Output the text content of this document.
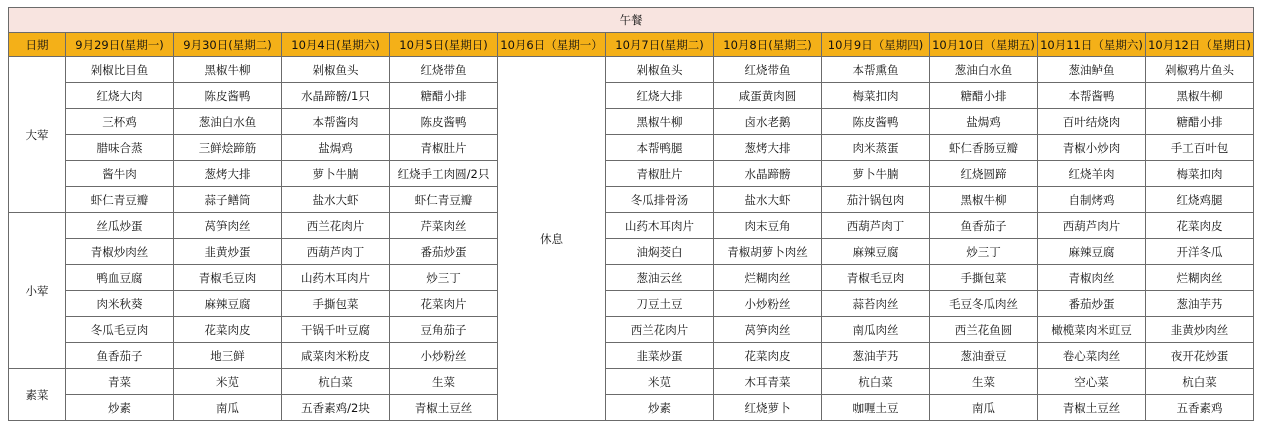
午餐											
日期	9月29日(星期一)	9月30日(星期二)	10月4日(星期六)	10月5日(星期日)	10月6日（星期一）	10月7日(星期二)	10月8日(星期三)	10月9日（星期四)	10月10日（星期五)	10月11日（星期六)	10月12日（星期日)
大荤	剁椒比目鱼	黑椒牛柳	剁椒鱼头	红烧带鱼	休息	剁椒鱼头	红烧带鱼	本帮熏鱼	葱油白水鱼	葱油鲈鱼	剁椒鸦片鱼头
	红烧大肉	陈皮酱鸭	水晶蹄髈/1只	糖醋小排		红烧大排	咸蛋黄肉圆	梅菜扣肉	糖醋小排	本帮酱鸭	黑椒牛柳
	三杯鸡	葱油白水鱼	本帮酱肉	陈皮酱鸭		黑椒牛柳	卤水老鹅	陈皮酱鸭	盐焗鸡	百叶结烧肉	糖醋小排
	腊味合蒸	三鲜烩蹄筋	盐焗鸡	青椒肚片		本帮鸭腿	葱烤大排	肉米蒸蛋	虾仁香肠豆瓣	青椒小炒肉	手工百叶包
	酱牛肉	葱烤大排	萝卜牛腩	红烧手工肉圆/2只		青椒肚片	水晶蹄髈	萝卜牛腩	红烧圆蹄	红烧羊肉	梅菜扣肉
	虾仁青豆瓣	蒜子鳝筒	盐水大虾	虾仁青豆瓣		冬瓜排骨汤	盐水大虾	茄汁锅包肉	黑椒牛柳	自制烤鸡	红烧鸡腿
小荤	丝瓜炒蛋	莴笋肉丝	西兰花肉片	芹菜肉丝		山药木耳肉片	肉末豆角	西葫芦肉丁	鱼香茄子	西葫芦肉片	花菜肉皮
	青椒炒肉丝	韭黄炒蛋	西葫芦肉丁	番茄炒蛋		油焖茭白	青椒胡萝卜肉丝	麻辣豆腐	炒三丁	麻辣豆腐	开洋冬瓜
	鸭血豆腐	青椒毛豆肉	山药木耳肉片	炒三丁		葱油云丝	烂糊肉丝	青椒毛豆肉	手撕包菜	青椒肉丝	烂糊肉丝
	肉米秋葵	麻辣豆腐	手撕包菜	花菜肉片		刀豆土豆	小炒粉丝	蒜苔肉丝	毛豆冬瓜肉丝	番茄炒蛋	葱油芋艿
	冬瓜毛豆肉	花菜肉皮	干锅千叶豆腐	豆角茄子		西兰花肉片	莴笋肉丝	南瓜肉丝	西兰花鱼圆	橄榄菜肉米豇豆	韭黄炒肉丝
	鱼香茄子	地三鲜	咸菜肉米粉皮	小炒粉丝		韭菜炒蛋	花菜肉皮	葱油芋艿	葱油蚕豆	卷心菜肉丝	夜开花炒蛋
素菜	青菜	米苋	杭白菜	生菜		米苋	木耳青菜	杭白菜	生菜	空心菜	杭白菜
	炒素	南瓜	五香素鸡/2块	青椒土豆丝		炒素	红烧萝卜	咖喱土豆	南瓜	青椒土豆丝	五香素鸡
